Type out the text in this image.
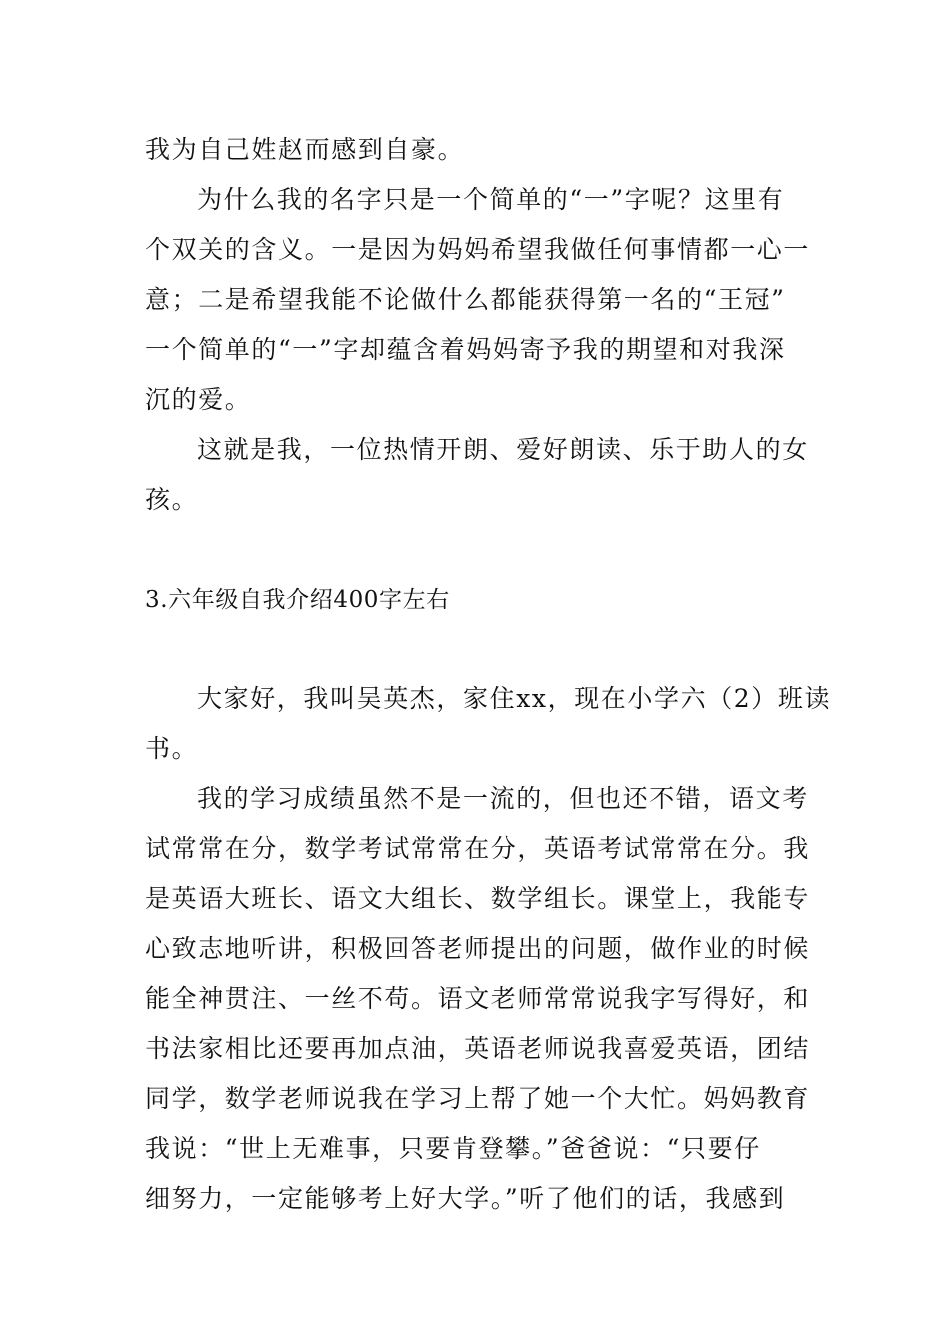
我为自己姓赵而感到自豪。
为什么我的名字只是一个简单的“一”字呢？这里有
个双关的含义。一是因为妈妈希望我做任何事情都一心一
意；二是希望我能不论做什么都能获得第一名的“王冠”
一个简单的“一”字却蕴含着妈妈寄予我的期望和对我深
沉的爱。
这就是我，一位热情开朗、爱好朗读、乐于助人的女
孩。
3.六年级自我介绍400字左右
大家好，我叫吴英杰，家住xx，现在小学六（2）班读
书。
我的学习成绩虽然不是一流的，但也还不错，语文考
试常常在分，数学考试常常在分，英语考试常常在分。我
是英语大班长、语文大组长、数学组长。课堂上，我能专
心致志地听讲，积极回答老师提出的问题，做作业的时候
能全神贯注、一丝不苟。语文老师常常说我字写得好，和
书法家相比还要再加点油，英语老师说我喜爱英语，团结
同学，数学老师说我在学习上帮了她一个大忙。妈妈教育
我说：“世上无难事，只要肯登攀。”爸爸说：“只要仔
细努力，一定能够考上好大学。”听了他们的话，我感到
